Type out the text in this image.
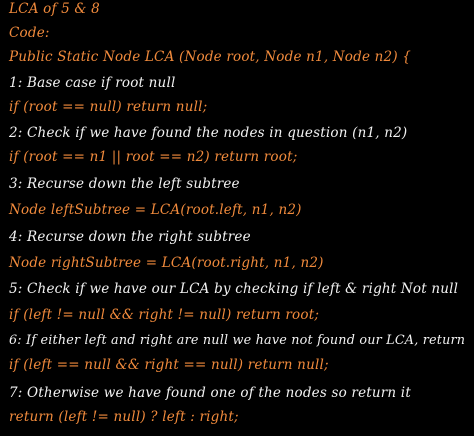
LCA of 5 & 8
Code:
Public Static Node LCA (Node root, Node n1, Node n2) {
1: Base case if root null
if (root == null) return null;
2: Check if we have found the nodes in question (n1, n2)
if (root == n1 || root == n2) return root;
3: Recurse down the left subtree
Node leftSubtree = LCA(root.left, n1, n2)
4: Recurse down the right subtree
Node rightSubtree = LCA(root.right, n1, n2)
5: Check if we have our LCA by checking if left & right Not null
if (left != null && right != null) return root;
6: If either left and right are null we have not found our LCA, return
if (left == null && right == null) return null;
7: Otherwise we have found one of the nodes so return it
return (left != null) ? left : right;
